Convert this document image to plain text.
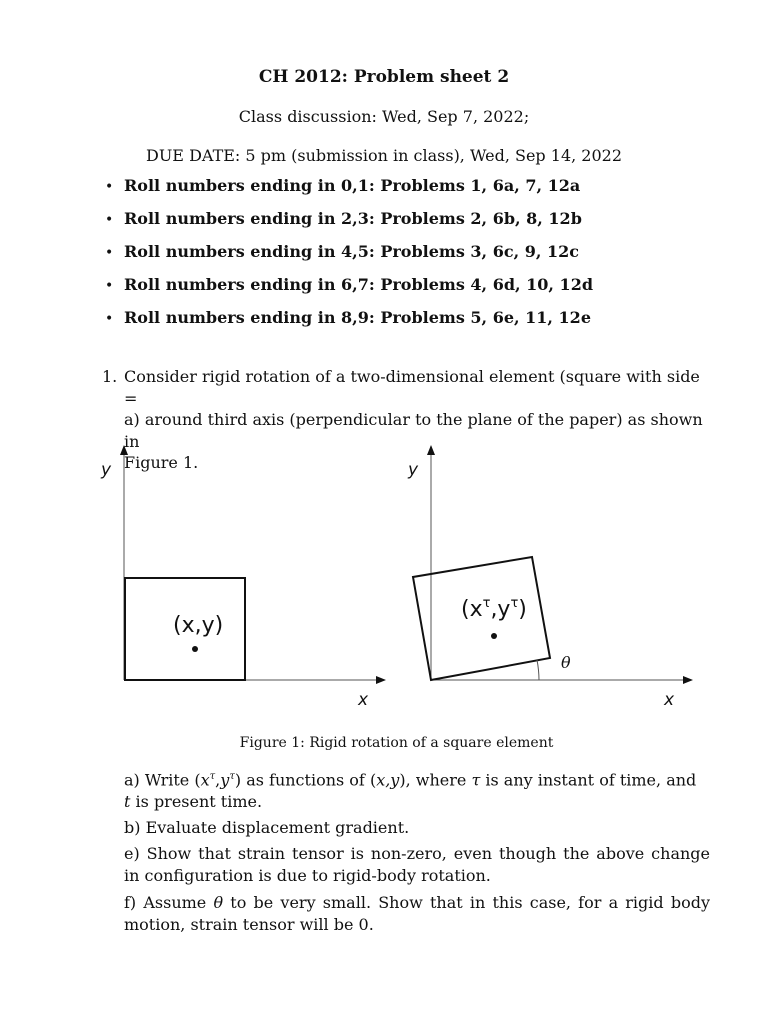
CH 2012: Problem sheet 2
Class discussion: Wed, Sep 7, 2022;
DUE DATE: 5 pm (submission in class), Wed, Sep 14, 2022
• Roll numbers ending in 0,1: Problems 1, 6a, 7, 12a
• Roll numbers ending in 2,3: Problems 2, 6b, 8, 12b
• Roll numbers ending in 4,5: Problems 3, 6c, 9, 12c
• Roll numbers ending in 6,7: Problems 4, 6d, 10, 12d
• Roll numbers ending in 8,9: Problems 5, 6e, 11, 12e
1. Consider rigid rotation of a two-dimensional element (square with side =
a) around third axis (perpendicular to the plane of the paper) as shown in
Figure 1.
y
x
(x,y)
y
x
$(x^\tau,y^\tau)$
θ
Figure 1: Rigid rotation of a square element
a) Write $(x^\tau,y^\tau)$ as functions of (x,y), where τ is any instant of time, and
t is present time.
b) Evaluate displacement gradient.
e) Show that strain tensor is non-zero, even though the above change in configuration is due to rigid-body rotation.
f) Assume θ to be very small. Show that in this case, for a rigid body motion, strain tensor will be 0.
